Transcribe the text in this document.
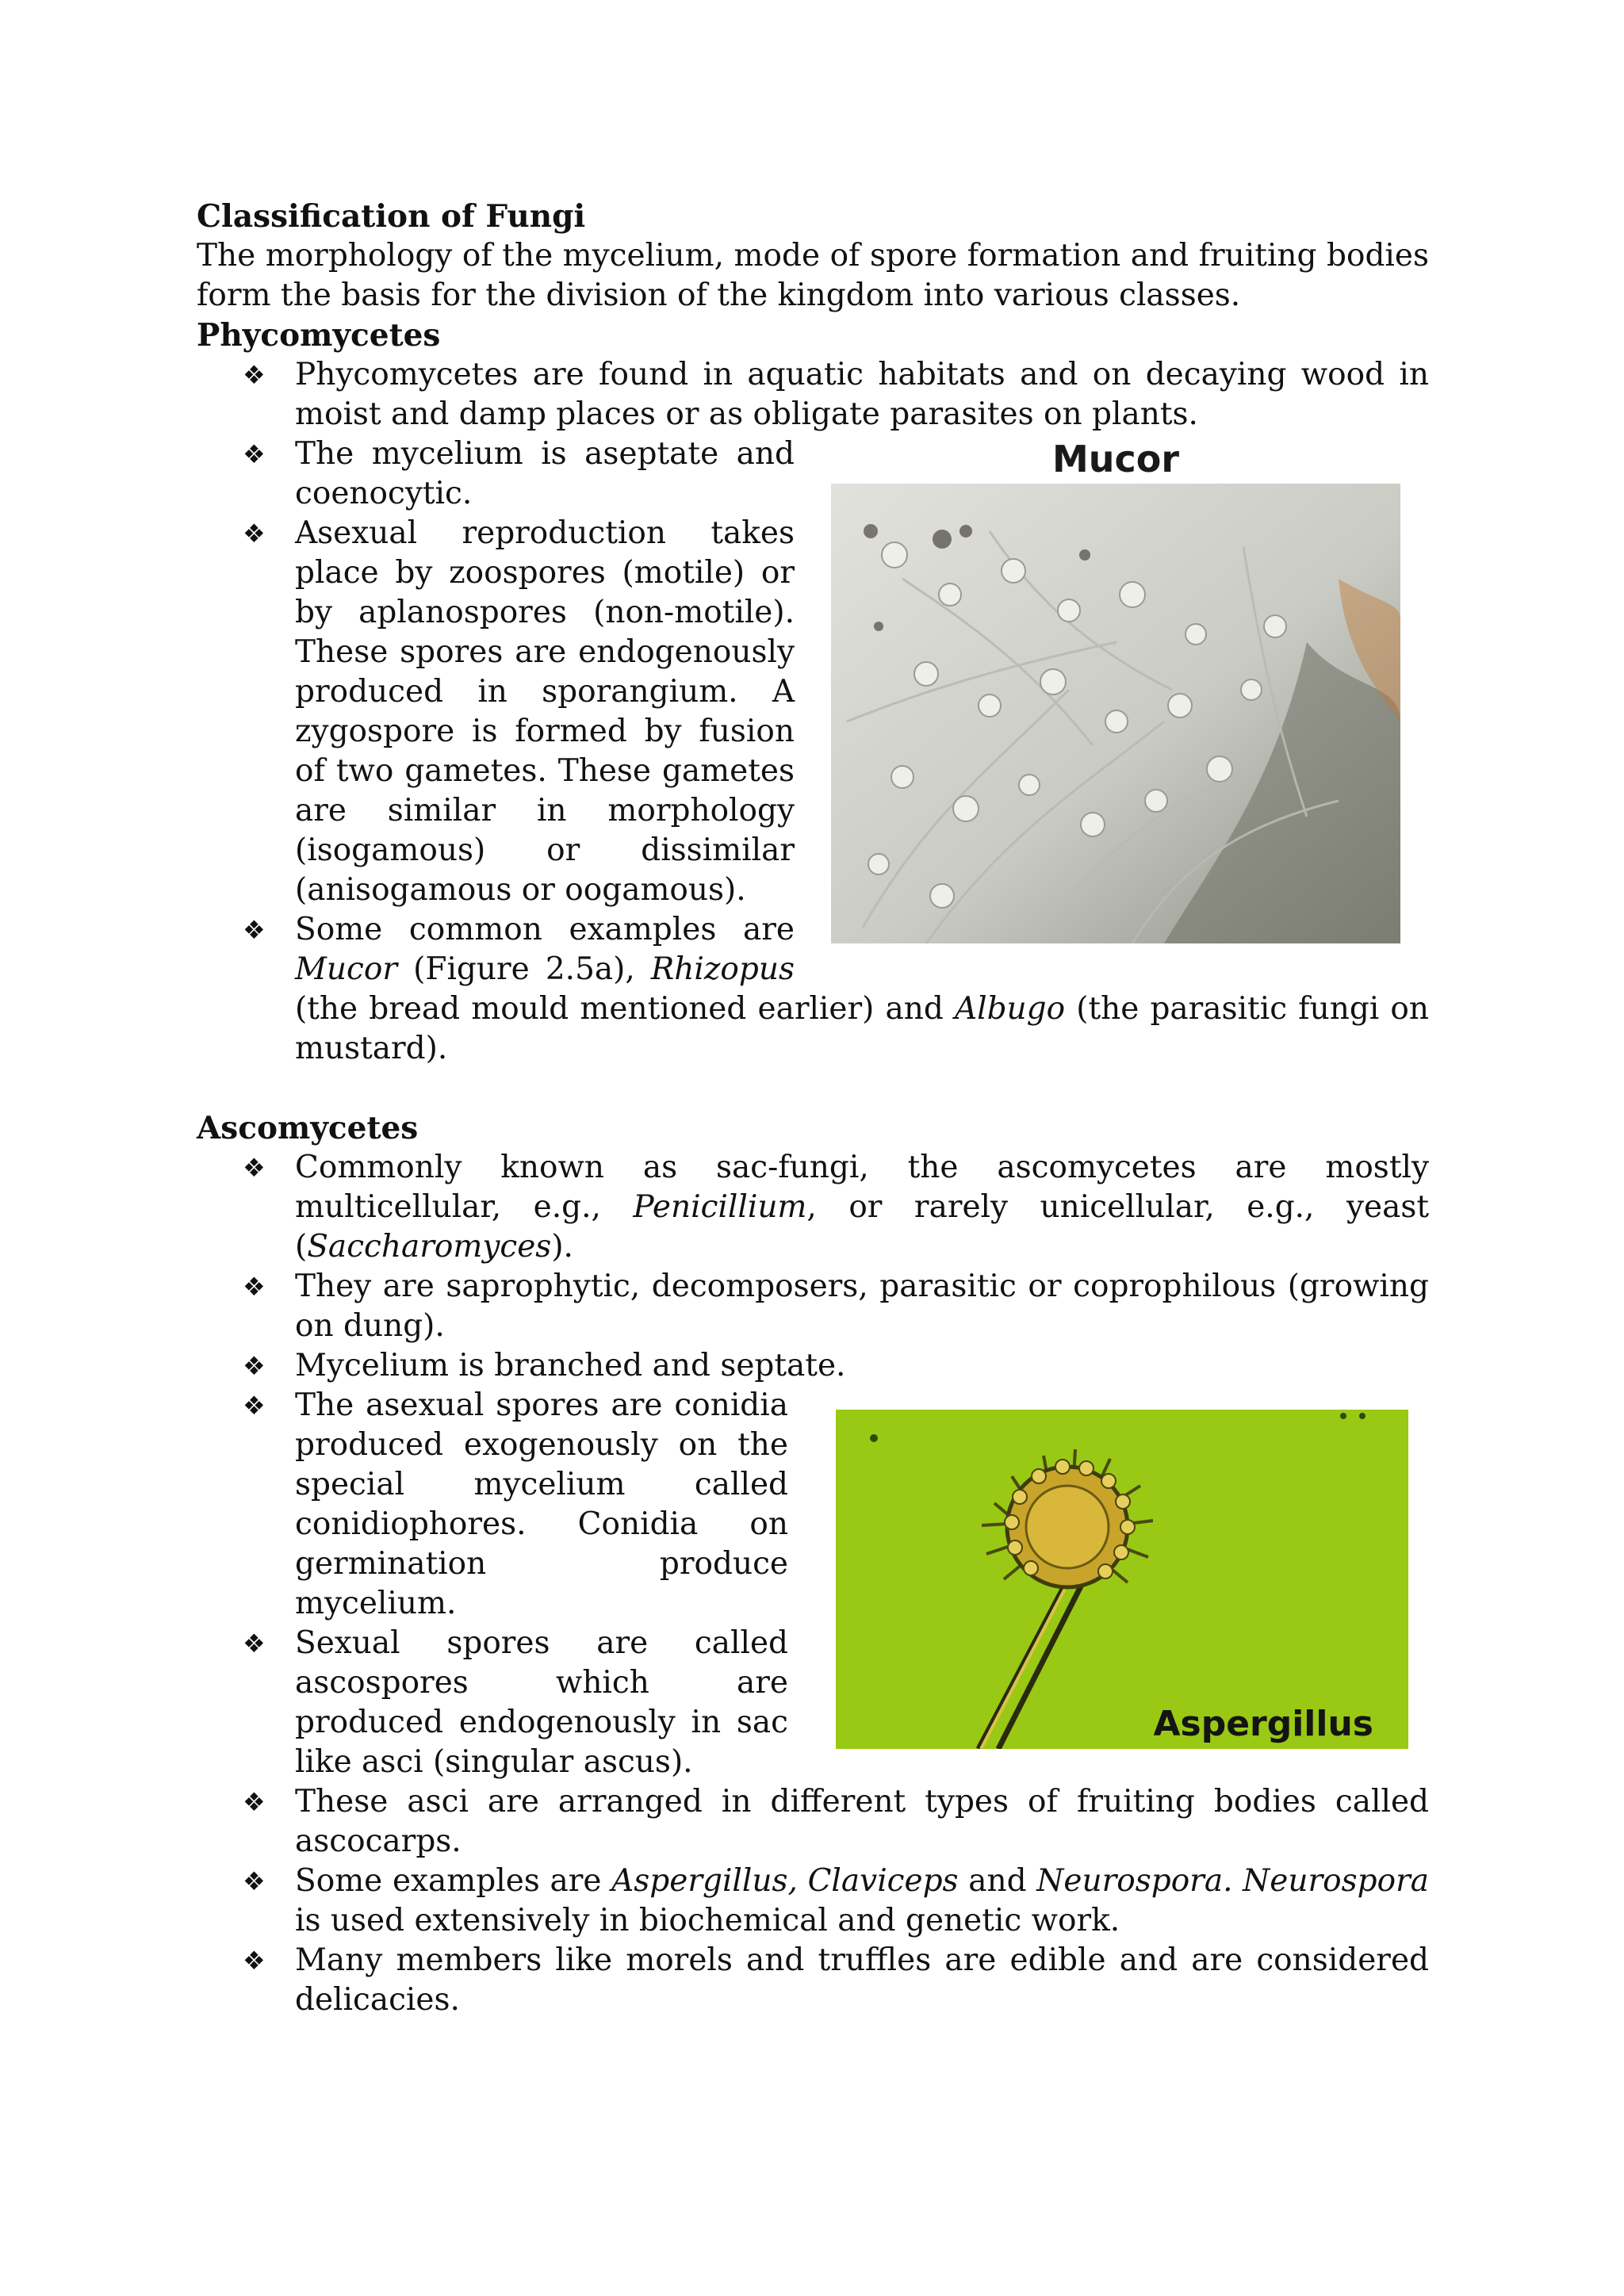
Classification of Fungi

The morphology of the mycelium, mode of spore formation and fruiting bodies form the basis for the division of the kingdom into various classes.

Phycomycetes
❖ Phycomycetes are found in aquatic habitats and on decaying wood in moist and damp places or as obligate parasites on plants.
Mucor
❖ The mycelium is aseptate and coenocytic.
❖ Asexual reproduction takes place by zoospores (motile) or by aplanospores (non-motile). These spores are endogenously produced in sporangium. A zygospore is formed by fusion of two gametes. These gametes are similar in morphology (isogamous) or dissimilar (anisogamous or oogamous).
❖ Some common examples are Mucor (Figure 2.5a), Rhizopus (the bread mould mentioned earlier) and Albugo (the parasitic fungi on mustard).
Ascomycetes
❖ Commonly known as sac-fungi, the ascomycetes are mostly multicellular, e.g., Penicillium, or rarely unicellular, e.g., yeast (Saccharomyces).
❖ They are saprophytic, decomposers, parasitic or coprophilous (growing on dung).
❖ Mycelium is branched and septate.
Aspergillus
❖ The asexual spores are conidia produced exogenously on the special mycelium called conidiophores. Conidia on germination produce mycelium.
❖ Sexual spores are called ascospores which are produced endogenously in sac like asci (singular ascus).
❖ These asci are arranged in different types of fruiting bodies called ascocarps.
❖ Some examples are Aspergillus, Claviceps and Neurospora. Neurospora is used extensively in biochemical and genetic work.
❖ Many members like morels and truffles are edible and are considered delicacies.
